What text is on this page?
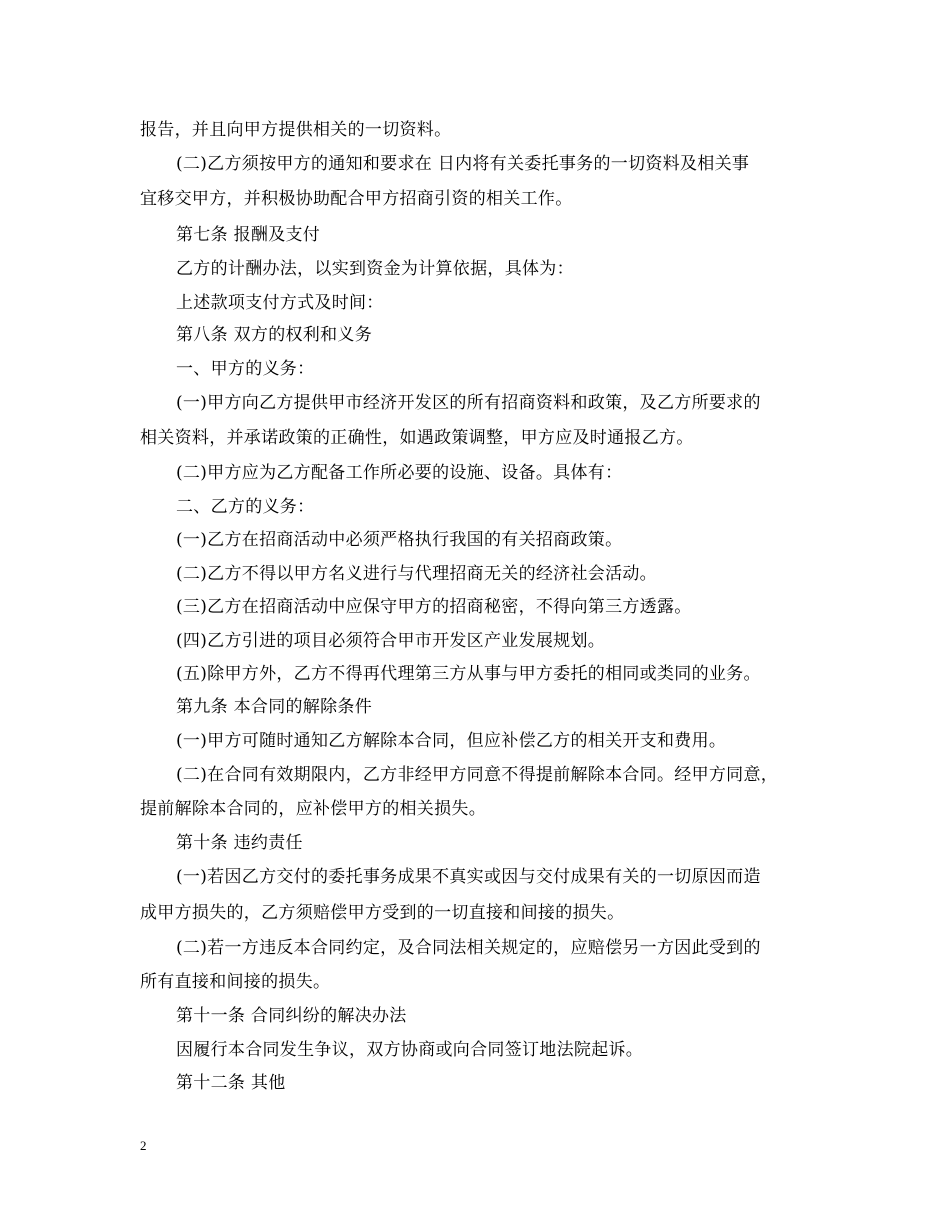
报告，并且向甲方提供相关的一切资料。
(二)乙方须按甲方的通知和要求在 日内将有关委托事务的一切资料及相关事
宜移交甲方，并积极协助配合甲方招商引资的相关工作。
第七条 报酬及支付
乙方的计酬办法，以实到资金为计算依据，具体为：
上述款项支付方式及时间：
第八条 双方的权利和义务
一、甲方的义务：
(一)甲方向乙方提供甲市经济开发区的所有招商资料和政策，及乙方所要求的
相关资料，并承诺政策的正确性，如遇政策调整，甲方应及时通报乙方。
(二)甲方应为乙方配备工作所必要的设施、设备。具体有：
二、乙方的义务：
(一)乙方在招商活动中必须严格执行我国的有关招商政策。
(二)乙方不得以甲方名义进行与代理招商无关的经济社会活动。
(三)乙方在招商活动中应保守甲方的招商秘密，不得向第三方透露。
(四)乙方引进的项目必须符合甲市开发区产业发展规划。
(五)除甲方外，乙方不得再代理第三方从事与甲方委托的相同或类同的业务。
第九条 本合同的解除条件
(一)甲方可随时通知乙方解除本合同，但应补偿乙方的相关开支和费用。
(二)在合同有效期限内，乙方非经甲方同意不得提前解除本合同。经甲方同意，
提前解除本合同的，应补偿甲方的相关损失。
第十条 违约责任
(一)若因乙方交付的委托事务成果不真实或因与交付成果有关的一切原因而造
成甲方损失的，乙方须赔偿甲方受到的一切直接和间接的损失。
(二)若一方违反本合同约定，及合同法相关规定的，应赔偿另一方因此受到的
所有直接和间接的损失。
第十一条 合同纠纷的解决办法
因履行本合同发生争议，双方协商或向合同签订地法院起诉。
第十二条 其他
2
